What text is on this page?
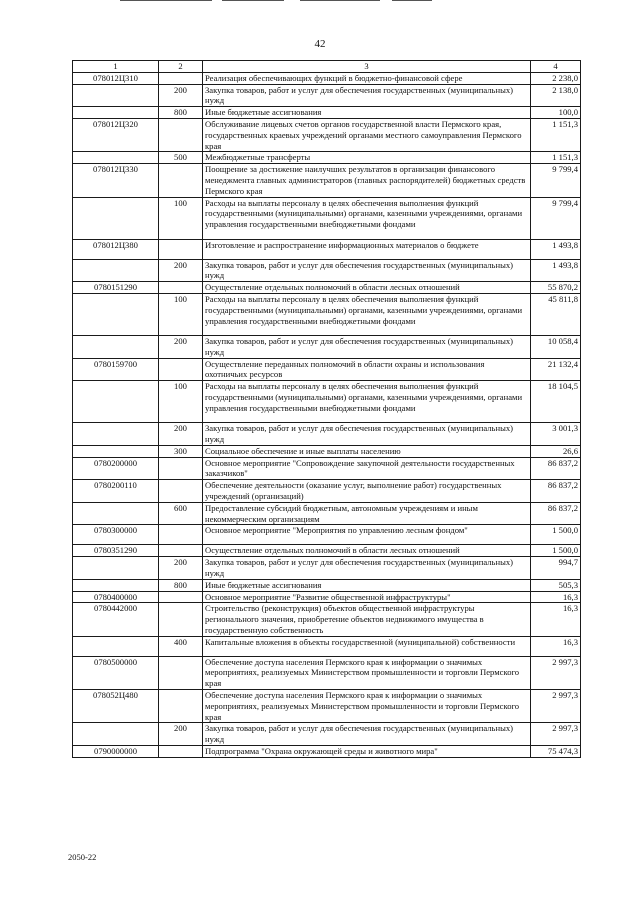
42
1	2	3	4
078012Ц310		Реализация обеспечивающих функций в бюджетно-финансовой сфере	2 238,0
	200	Закупка товаров, работ и услуг для обеспечения государственных (муниципальных) нужд	2 138,0
	800	Иные бюджетные ассигнования	100,0
078012Ц320		Обслуживание лицевых счетов органов государственной власти Пермского края, государственных краевых учреждений органами местного самоуправления Пермского края	1 151,3
	500	Межбюджетные трансферты	1 151,3
078012Ц330		Поощрение за достижение наилучших результатов в организации финансового менеджмента главных администраторов (главных распорядителей) бюджетных средств Пермского края	9 799,4
	100	Расходы на выплаты персоналу в целях обеспечения выполнения функций государственными (муниципальными) органами, казенными учреждениями, органами управления государственными внебюджетными фондами	9 799,4
078012Ц380		Изготовление и распространение информационных материалов о бюджете	1 493,8
	200	Закупка товаров, работ и услуг для обеспечения государственных (муниципальных) нужд	1 493,8
0780151290		Осуществление отдельных полномочий в области лесных отношений	55 870,2
	100	Расходы на выплаты персоналу в целях обеспечения выполнения функций государственными (муниципальными) органами, казенными учреждениями, органами управления государственными внебюджетными фондами	45 811,8
	200	Закупка товаров, работ и услуг для обеспечения государственных (муниципальных) нужд	10 058,4
0780159700		Осуществление переданных полномочий в области охраны и использования охотничьих ресурсов	21 132,4
	100	Расходы на выплаты персоналу в целях обеспечения выполнения функций государственными (муниципальными) органами, казенными учреждениями, органами управления государственными внебюджетными фондами	18 104,5
	200	Закупка товаров, работ и услуг для обеспечения государственных (муниципальных) нужд	3 001,3
	300	Социальное обеспечение и иные выплаты населению	26,6
0780200000		Основное мероприятие "Сопровождение закупочной деятельности государственных заказчиков"	86 837,2
0780200110		Обеспечение деятельности (оказание услуг, выполнение работ) государственных учреждений (организаций)	86 837,2
	600	Предоставление субсидий бюджетным, автономным учреждениям и иным некоммерческим организациям	86 837,2
0780300000		Основное мероприятие "Мероприятия по управлению лесным фондом"	1 500,0
0780351290		Осуществление отдельных полномочий в области лесных отношений	1 500,0
	200	Закупка товаров, работ и услуг для обеспечения государственных (муниципальных) нужд	994,7
	800	Иные бюджетные ассигнования	505,3
0780400000		Основное мероприятие "Развитие общественной инфраструктуры"	16,3
0780442000		Строительство (реконструкция) объектов общественной инфраструктуры регионального значения, приобретение объектов недвижимого имущества в государственную собственность	16,3
	400	Капитальные вложения в объекты государственной (муниципальной) собственности	16,3
0780500000		Обеспечение доступа населения Пермского края к информации о значимых мероприятиях, реализуемых Министерством промышленности и торговли Пермского края	2 997,3
078052Ц480		Обеспечение доступа населения Пермского края к информации о значимых мероприятиях, реализуемых Министерством промышленности и торговли Пермского края	2 997,3
	200	Закупка товаров, работ и услуг для обеспечения государственных (муниципальных) нужд	2 997,3
0790000000		Подпрограмма "Охрана окружающей среды и животного мира"	75 474,3
2050-22
